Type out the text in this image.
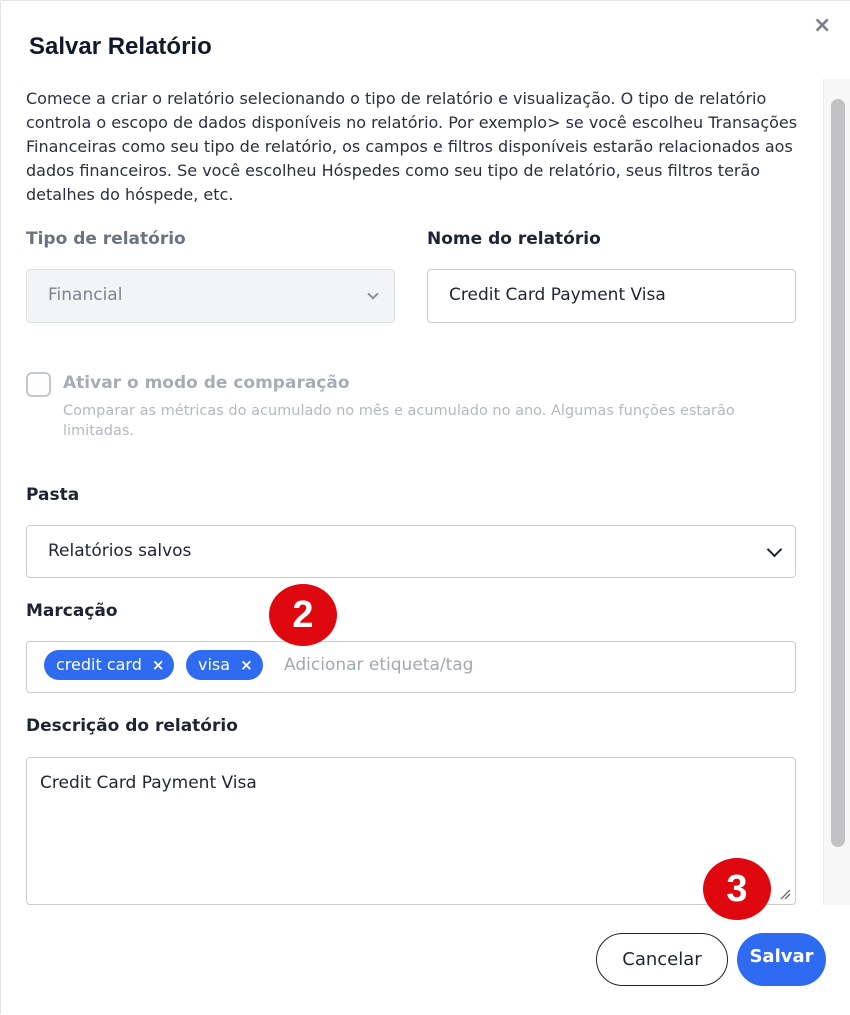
Salvar Relatório
×
Comece a criar o relatório selecionando o tipo de relatório e visualização. O tipo de relatório controla o escopo de dados disponíveis no relatório. Por exemplo> se você escolheu Transações Financeiras como seu tipo de relatório, os campos e filtros disponíveis estarão relacionados aos dados financeiros. Se você escolheu Hóspedes como seu tipo de relatório, seus filtros terão detalhes do hóspede, etc.
Tipo de relatório
Financial
Nome do relatório
Credit Card Payment Visa
Ativar o modo de comparação
Comparar as métricas do acumulado no mês e acumulado no ano. Algumas funções estarão limitadas.
Pasta
Relatórios salvos
Marcação
credit card ×	visa ×	Adicionar etiqueta/tag
Descrição do relatório
Credit Card Payment Visa
Cancelar	Salvar
2
3
